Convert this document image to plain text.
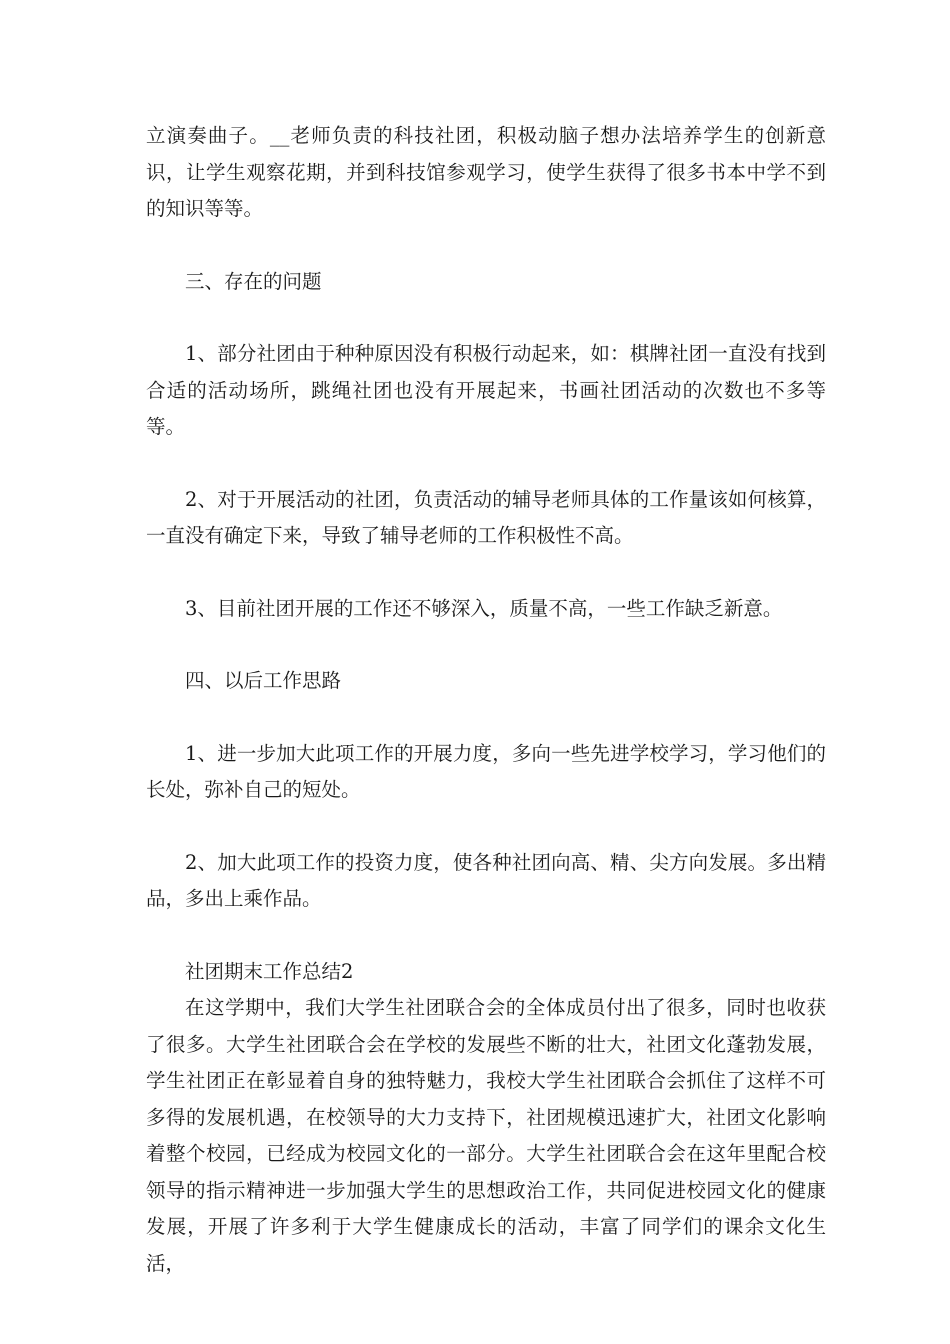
立演奏曲子。__老师负责的科技社团，积极动脑子想办法培养学生的创新意识，让学生观察花期，并到科技馆参观学习，使学生获得了很多书本中学不到的知识等等。

三、存在的问题

1、部分社团由于种种原因没有积极行动起来，如：棋牌社团一直没有找到合适的活动场所，跳绳社团也没有开展起来，书画社团活动的次数也不多等等。

2、对于开展活动的社团，负责活动的辅导老师具体的工作量该如何核算，一直没有确定下来，导致了辅导老师的工作积极性不高。

3、目前社团开展的工作还不够深入，质量不高，一些工作缺乏新意。

四、以后工作思路

1、进一步加大此项工作的开展力度，多向一些先进学校学习，学习他们的长处，弥补自己的短处。

2、加大此项工作的投资力度，使各种社团向高、精、尖方向发展。多出精品，多出上乘作品。

社团期末工作总结2

在这学期中，我们大学生社团联合会的全体成员付出了很多，同时也收获了很多。大学生社团联合会在学校的发展些不断的壮大，社团文化蓬勃发展，学生社团正在彰显着自身的独特魅力，我校大学生社团联合会抓住了这样不可多得的发展机遇，在校领导的大力支持下，社团规模迅速扩大，社团文化影响着整个校园，已经成为校园文化的一部分。大学生社团联合会在这年里配合校领导的指示精神进一步加强大学生的思想政治工作，共同促进校园文化的健康发展，开展了许多利于大学生健康成长的活动，丰富了同学们的课余文化生活，
